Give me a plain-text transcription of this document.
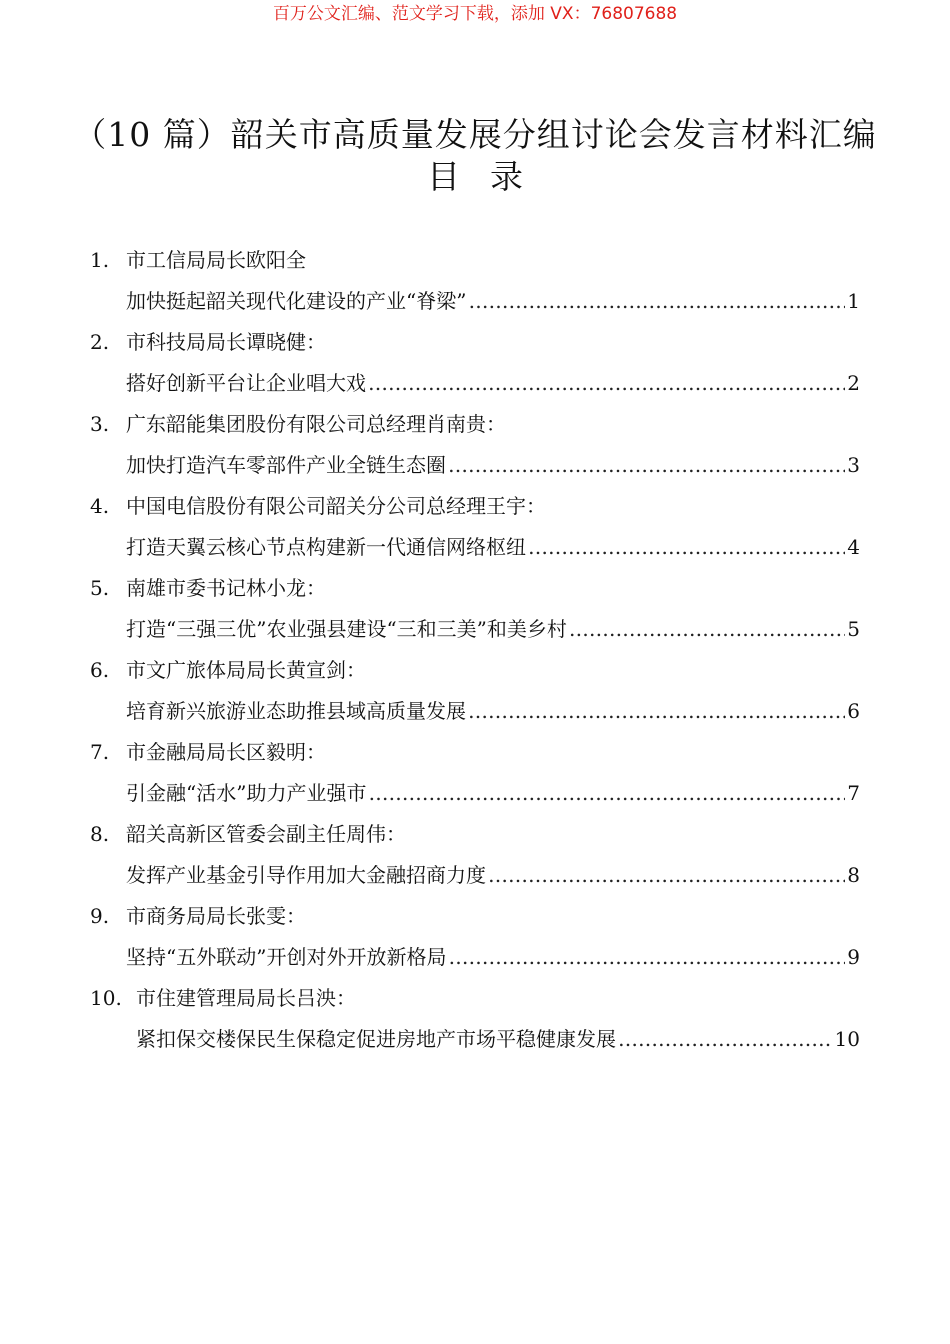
百万公文汇编、范文学习下载，添加 VX：76807688
（10 篇）韶关市高质量发展分组讨论会发言材料汇编
目 录
1. 市工信局局长欧阳全
加快挺起韶关现代化建设的产业“脊梁” …………………………………………………………………………………………………………	1
2. 市科技局局长谭晓健：
搭好创新平台让企业唱大戏 …………………………………………………………………………………………………………	2
3. 广东韶能集团股份有限公司总经理肖南贵：
加快打造汽车零部件产业全链生态圈 …………………………………………………………………………………………………………	3
4. 中国电信股份有限公司韶关分公司总经理王宇：
打造天翼云核心节点构建新一代通信网络枢纽 …………………………………………………………………………………………………………	4
5. 南雄市委书记林小龙：
打造“三强三优”农业强县建设“三和三美”和美乡村 …………………………………………………………………………………………………………	5
6. 市文广旅体局局长黄宣剑：
培育新兴旅游业态助推县域高质量发展 …………………………………………………………………………………………………………	6
7. 市金融局局长区毅明：
引金融“活水”助力产业强市 …………………………………………………………………………………………………………	7
8. 韶关高新区管委会副主任周伟：
发挥产业基金引导作用加大金融招商力度 …………………………………………………………………………………………………………	8
9. 市商务局局长张雯：
坚持“五外联动”开创对外开放新格局 …………………………………………………………………………………………………………	9
10. 市住建管理局局长吕泱：
紧扣保交楼保民生保稳定促进房地产市场平稳健康发展 …………………………………………………………………………………………………………	10
